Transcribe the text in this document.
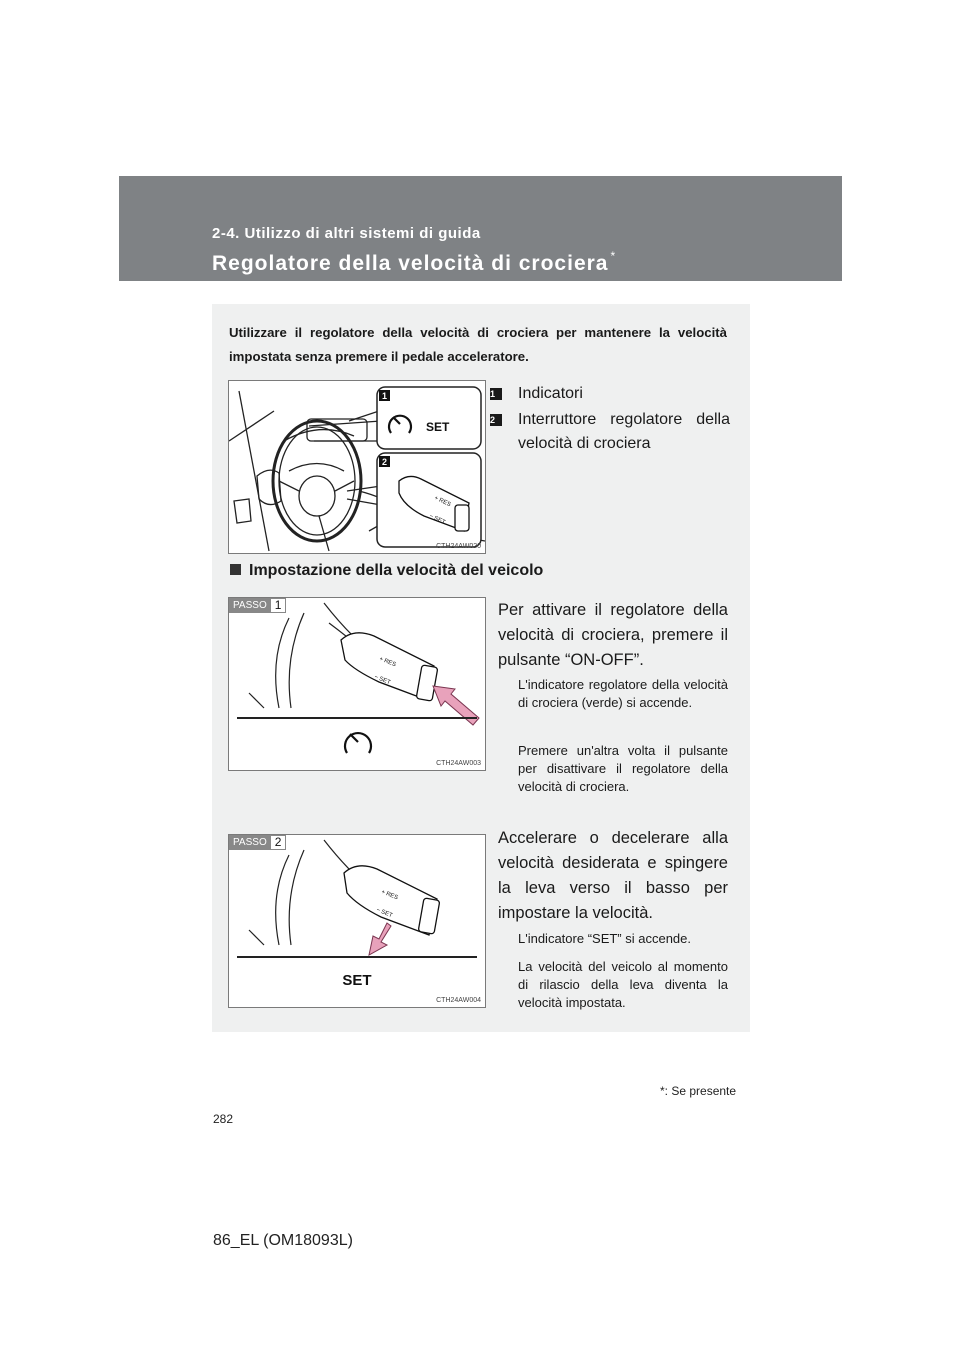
2-4. Utilizzo di altri sistemi di guida
Regolatore della velocità di crociera *
Utilizzare il regolatore della velocità di crociera per mantenere la velocità impostata senza premere il pedale acceleratore.
1
SET
2
+ RES
− SET
CTH24AW020
1	Indicatori
2	Interruttore regolatore della velocità di crociera
Impostazione della velocità del veicolo
PASSO 1
+ RES
− SET
CTH24AW003
Per attivare il regolatore della velocità di crociera, premere il pulsante “ON-OFF”.
L'indicatore regolatore della velocità di crociera (verde) si accende.
Premere un'altra volta il pulsante per disattivare il regolatore della velocità di crociera.
PASSO 2
+ RES
− SET
SET
CTH24AW004
Accelerare o decelerare alla velocità desiderata e spingere la leva verso il basso per impostare la velocità.
L'indicatore “SET” si accende.
La velocità del veicolo al momento di rilascio della leva diventa la velocità impostata.
*: Se presente
282
86_EL (OM18093L)
